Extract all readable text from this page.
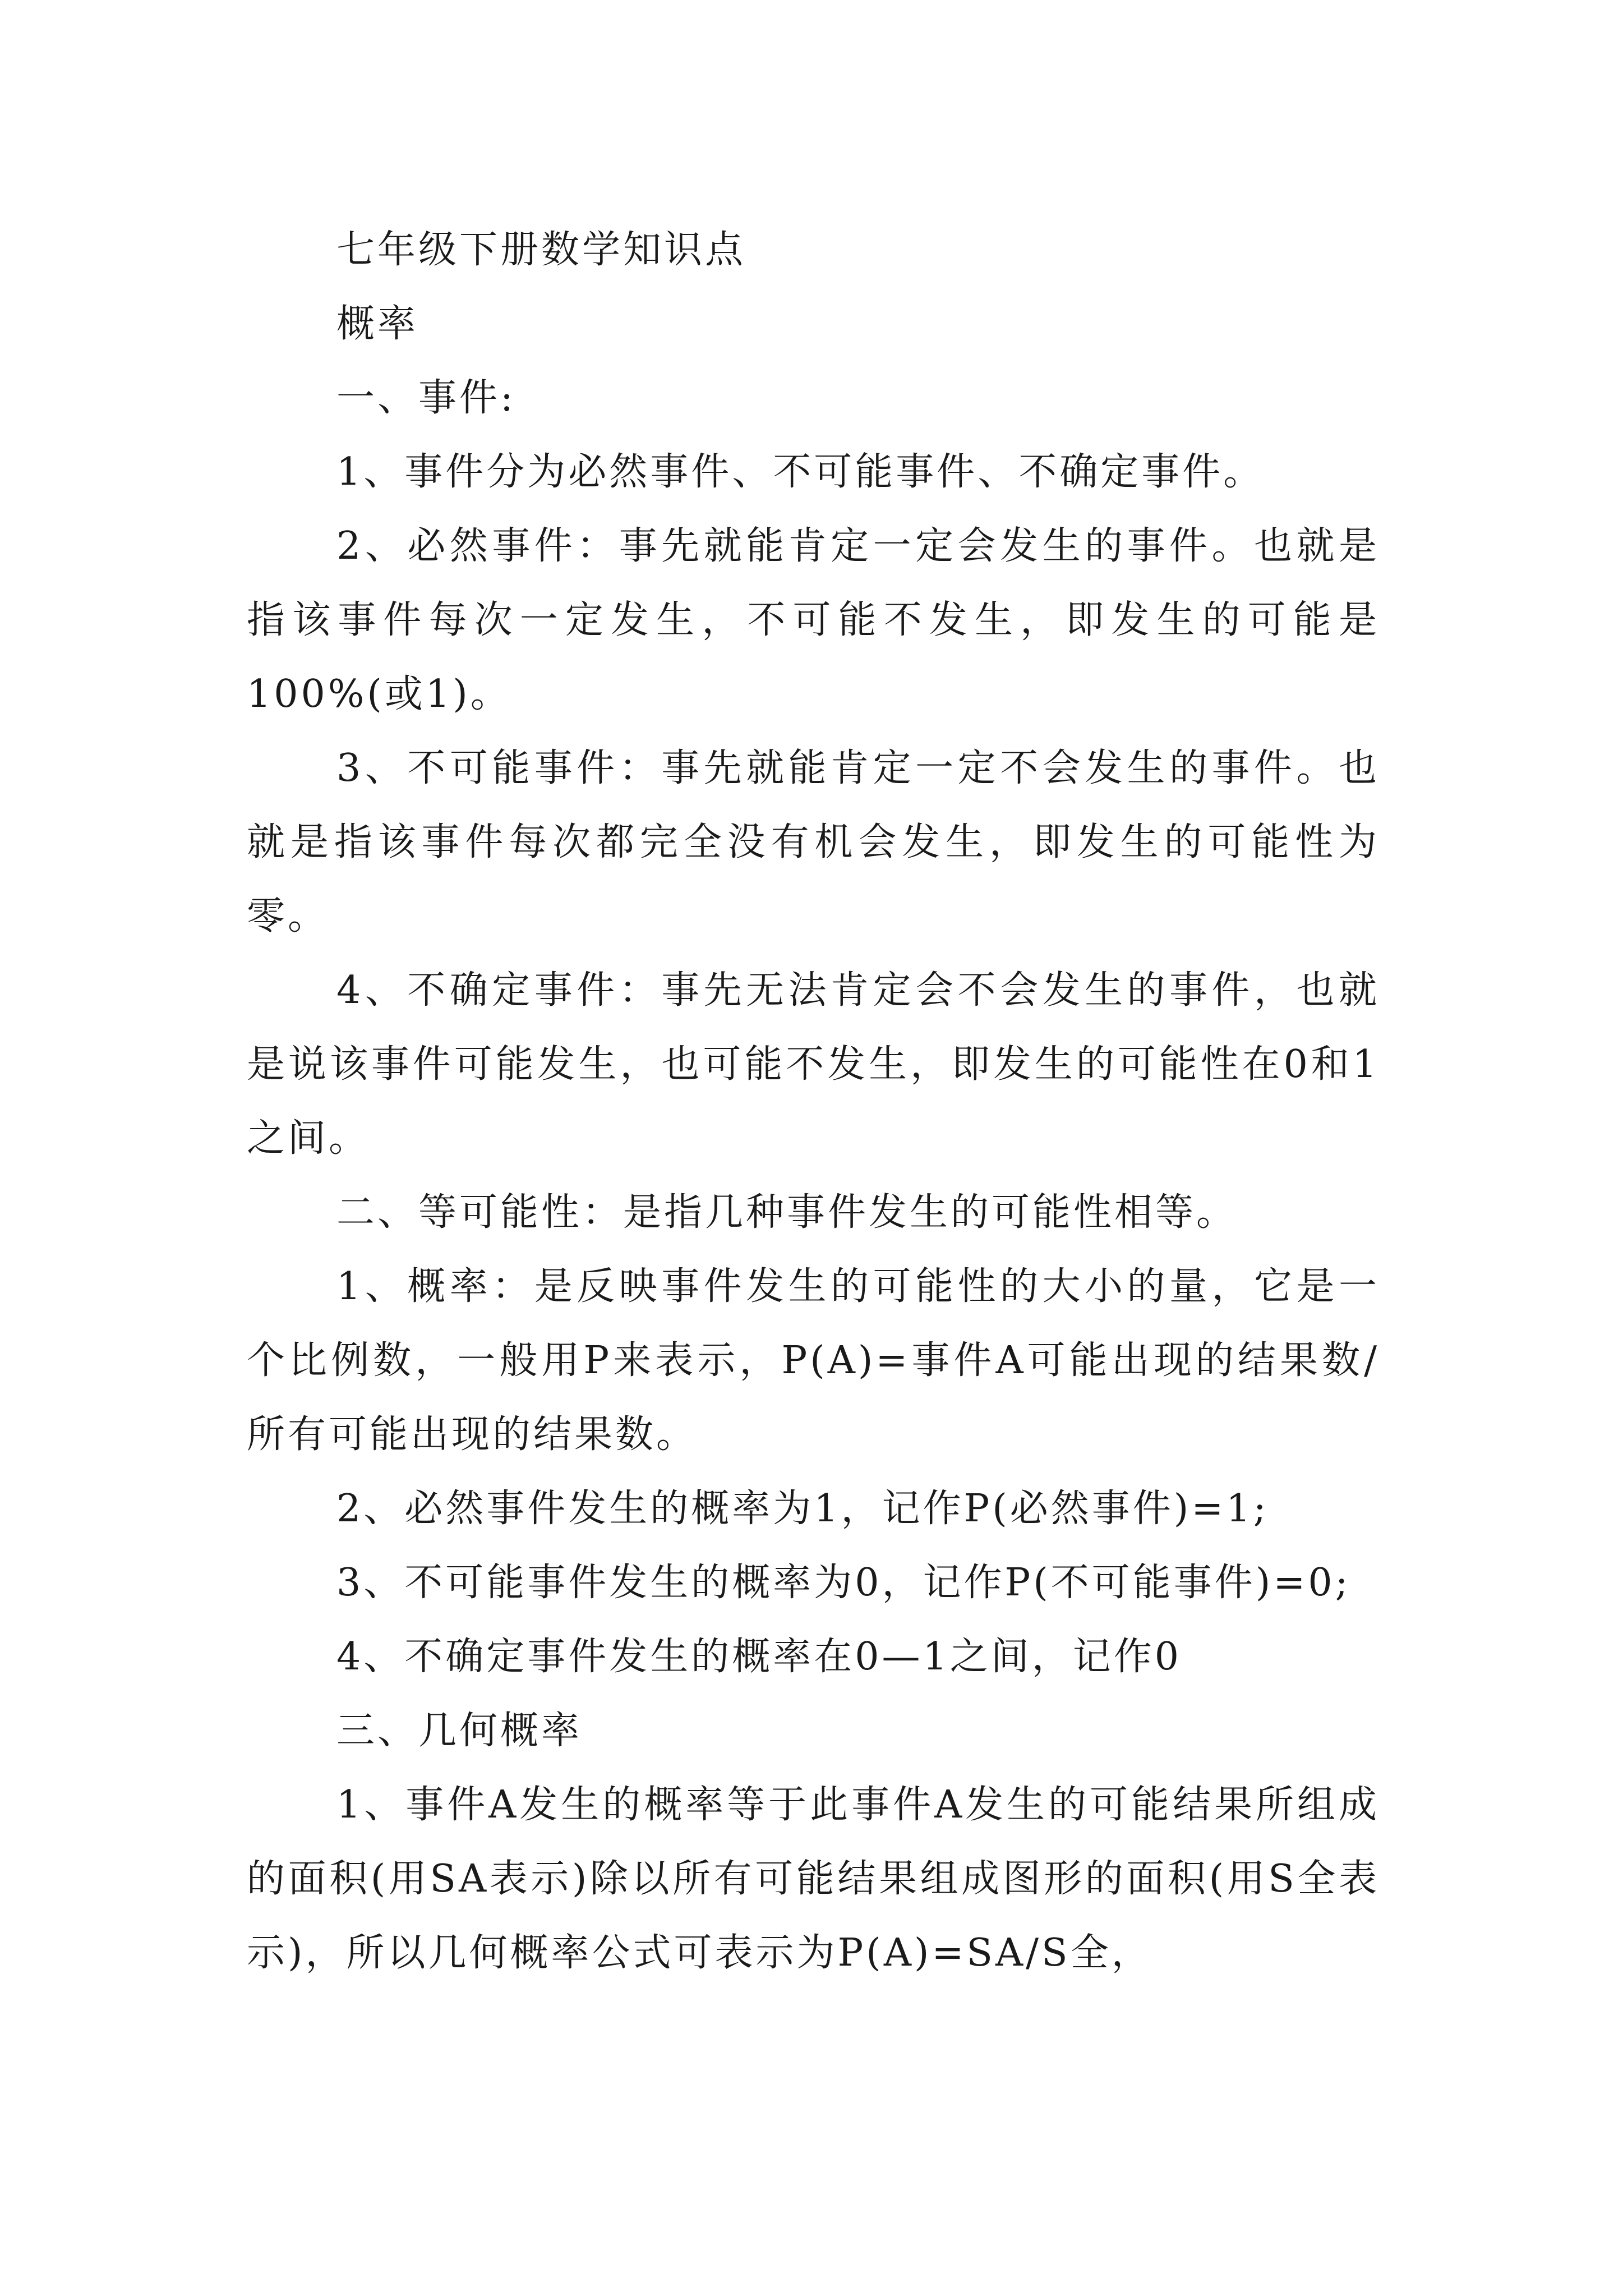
七年级下册数学知识点

概率

一、事件:

1、事件分为必然事件、不可能事件、不确定事件。

2、必然事件：事先就能肯定一定会发生的事件。也就是指该事件每次一定发生，不可能不发生，即发生的可能是100%(或1)。

3、不可能事件：事先就能肯定一定不会发生的事件。也就是指该事件每次都完全没有机会发生，即发生的可能性为零。

4、不确定事件：事先无法肯定会不会发生的事件，也就是说该事件可能发生，也可能不发生，即发生的可能性在0和1之间。

二、等可能性：是指几种事件发生的可能性相等。

1、概率：是反映事件发生的可能性的大小的量，它是一个比例数，一般用P来表示，P(A)=事件A可能出现的结果数/所有可能出现的结果数。

2、必然事件发生的概率为1，记作P(必然事件)=1;

3、不可能事件发生的概率为0，记作P(不可能事件)=0;

4、不确定事件发生的概率在0—1之间，记作0

三、几何概率

1、事件A发生的概率等于此事件A发生的可能结果所组成的面积(用SA表示)除以所有可能结果组成图形的面积(用S全表示)，所以几何概率公式可表示为P(A)=SA/S全，
